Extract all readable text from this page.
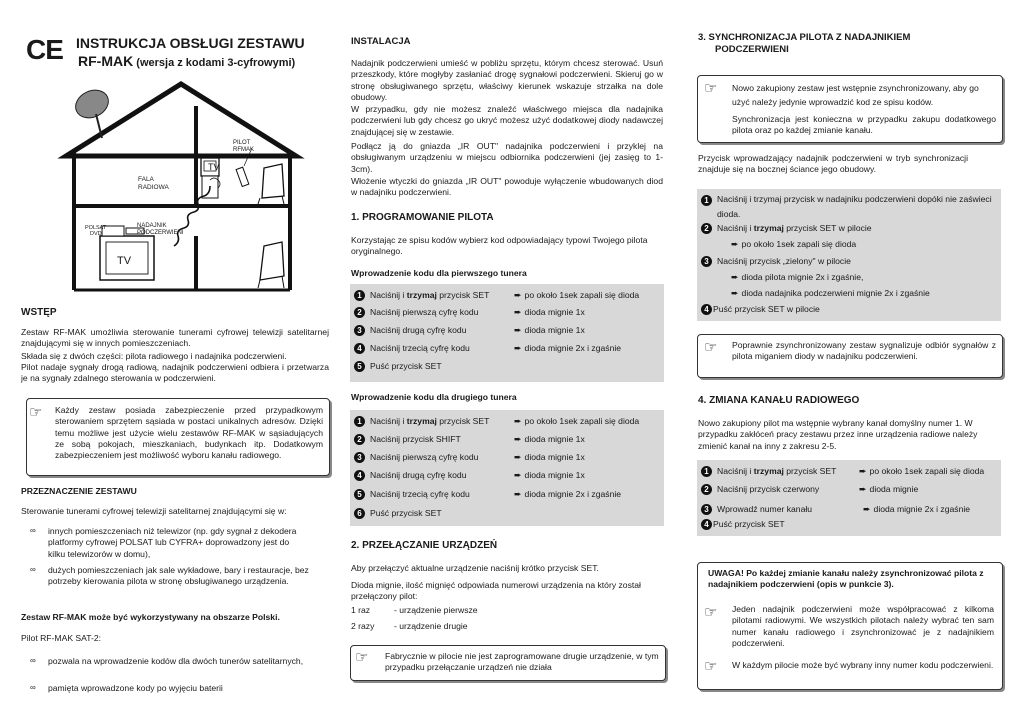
CE INSTRUKCJA OBSŁUGI ZESTAWU
RF-MAK (wersja z kodami 3-cyfrowymi)
PILOT
RFMAK
FALA
RADIOWA
TV
TV
POLSAT
DVD
NADAJNIK
PODCZERWIENI
WSTĘP
Zestaw RF-MAK umożliwia sterowanie tunerami cyfrowej telewizji satelitarnej znajdującymi się w innych pomieszczeniach.
Składa się z dwóch części: pilota radiowego i nadajnika podczerwieni.
Pilot nadaje sygnały drogą radiową, nadajnik podczerwieni odbiera i przetwarza je na sygnały zdalnego sterowania w podczerwieni.
☞ Każdy zestaw posiada zabezpieczenie przed przypadkowym sterowaniem sprzętem sąsiada w postaci unikalnych adresów. Dzięki temu możliwe jest użycie wielu zestawów RF-MAK w sąsiadujących ze sobą pokojach, mieszkaniach, budynkach itp. Dodatkowym zabezpieczeniem jest możliwość wyboru kanału radiowego.
PRZEZNACZENIE ZESTAWU
Sterowanie tunerami cyfrowej telewizji satelitarnej znajdującymi się w:
∞ innych pomieszczeniach niż telewizor (np. gdy sygnał z dekodera platformy cyfrowej POLSAT lub CYFRA+ doprowadzony jest do kilku telewizorów w domu),
∞ dużych pomieszczeniach jak sale wykładowe, bary i restauracje, bez potrzeby kierowania pilota w stronę obsługiwanego urządzenia.
Zestaw RF-MAK może być wykorzystywany na obszarze Polski.
Pilot RF-MAK SAT-2:
∞ pozwala na wprowadzenie kodów dla dwóch tunerów satelitarnych,
∞ pamięta wprowadzone kody po wyjęciu baterii
INSTALACJA
Nadajnik podczerwieni umieść w pobliżu sprzętu, którym chcesz sterować. Usuń przeszkody, które mogłyby zasłaniać drogę sygnałowi podczerwieni. Skieruj go w stronę obsługiwanego sprzętu, właściwy kierunek wskazuje strzałka na dole obudowy.
W przypadku, gdy nie możesz znaleźć właściwego miejsca dla nadajnika podczerwieni lub gdy chcesz go ukryć możesz użyć dodatkowej diody nadawczej znajdującej się w zestawie.
Podłącz ją do gniazda „IR OUT" nadajnika podczerwieni i przyklej na obsługiwanym urządzeniu w miejscu odbiornika podczerwieni (jej zasięg to 1-3cm).
Włożenie wtyczki do gniazda „IR OUT" powoduje wyłączenie wbudowanych diod w nadajniku podczerwieni.
1. PROGRAMOWANIE PILOTA
Korzystając ze spisu kodów wybierz kod odpowiadający typowi Twojego pilota oryginalnego.
Wprowadzenie kodu dla pierwszego tunera
1 Naciśnij i trzymaj przycisk SET	➨ po około 1sek zapali się dioda
2 Naciśnij pierwszą cyfrę kodu	➨ dioda mignie 1x
3 Naciśnij drugą cyfrę kodu	➨ dioda mignie 1x
4 Naciśnij trzecią cyfrę kodu	➨ dioda mignie 2x i zgaśnie
5 Puść przycisk SET
Wprowadzenie kodu dla drugiego tunera
1 Naciśnij i trzymaj przycisk SET	➨ po około 1sek zapali się dioda
2 Naciśnij przycisk SHIFT	➨ dioda mignie 1x
3 Naciśnij pierwszą cyfrę kodu	➨ dioda mignie 1x
4 Naciśnij drugą cyfrę kodu	➨ dioda mignie 1x
5 Naciśnij trzecią cyfrę kodu	➨ dioda mignie 2x i zgaśnie
6 Puść przycisk SET
2. PRZEŁĄCZANIE URZĄDZEŃ
Aby przełączyć aktualne urządzenie naciśnij krótko przycisk SET.
Dioda mignie, ilość mignięć odpowiada numerowi urządzenia na który został przełączony pilot:
1 raz	- urządzenie pierwsze
2 razy - urządzenie drugie
☞ Fabrycznie w pilocie nie jest zaprogramowane drugie urządzenie, w tym przypadku przełączanie urządzeń nie działa
3. SYNCHRONIZACJA PILOTA Z NADAJNIKIEM
PODCZERWIENI
☞ Nowo zakupiony zestaw jest wstępnie zsynchronizowany, aby go użyć należy jedynie wprowadzić kod ze spisu kodów.
Synchronizacja jest konieczna w przypadku zakupu dodatkowego pilota oraz po każdej zmianie kanału.
Przycisk wprowadzający nadajnik podczerwieni w tryb synchronizacji znajduje się na bocznej ściance jego obudowy.
1 Naciśnij i trzymaj przycisk w nadajniku podczerwieni dopóki nie zaświeci dioda.
2 Naciśnij i trzymaj przycisk SET w pilocie
➨ po około 1sek zapali się dioda
3 Naciśnij przycisk „zielony" w pilocie
➨ dioda pilota mignie 2x i zgaśnie,
➨ dioda nadajnika podczerwieni mignie 2x i zgaśnie
4 Puść przycisk SET w pilocie
☞ Poprawnie zsynchronizowany zestaw sygnalizuje odbiór sygnałów z pilota miganiem diody w nadajniku podczerwieni.
4. ZMIANA KANAŁU RADIOWEGO
Nowo zakupiony pilot ma wstępnie wybrany kanał domyślny numer 1. W przypadku zakłóceń pracy zestawu przez inne urządzenia radiowe należy zmienić kanał na inny z zakresu 2-5.
1 Naciśnij i trzymaj przycisk SET	➨ po około 1sek zapali się dioda
2 Naciśnij przycisk czerwony	➨ dioda mignie
3 Wprowadź numer kanału	➨ dioda mignie 2x i zgaśnie
4 Puść przycisk SET
UWAGA! Po każdej zmianie kanału należy zsynchronizować pilota z nadajnikiem podczerwieni (opis w punkcie 3).
☞ Jeden nadajnik podczerwieni może współpracować z kilkoma pilotami radiowymi. We wszystkich pilotach należy wybrać ten sam numer kanału radiowego i zsynchronizować je z nadajnikiem podczerwieni.
☞ W każdym pilocie może być wybrany inny numer kodu podczerwieni.
